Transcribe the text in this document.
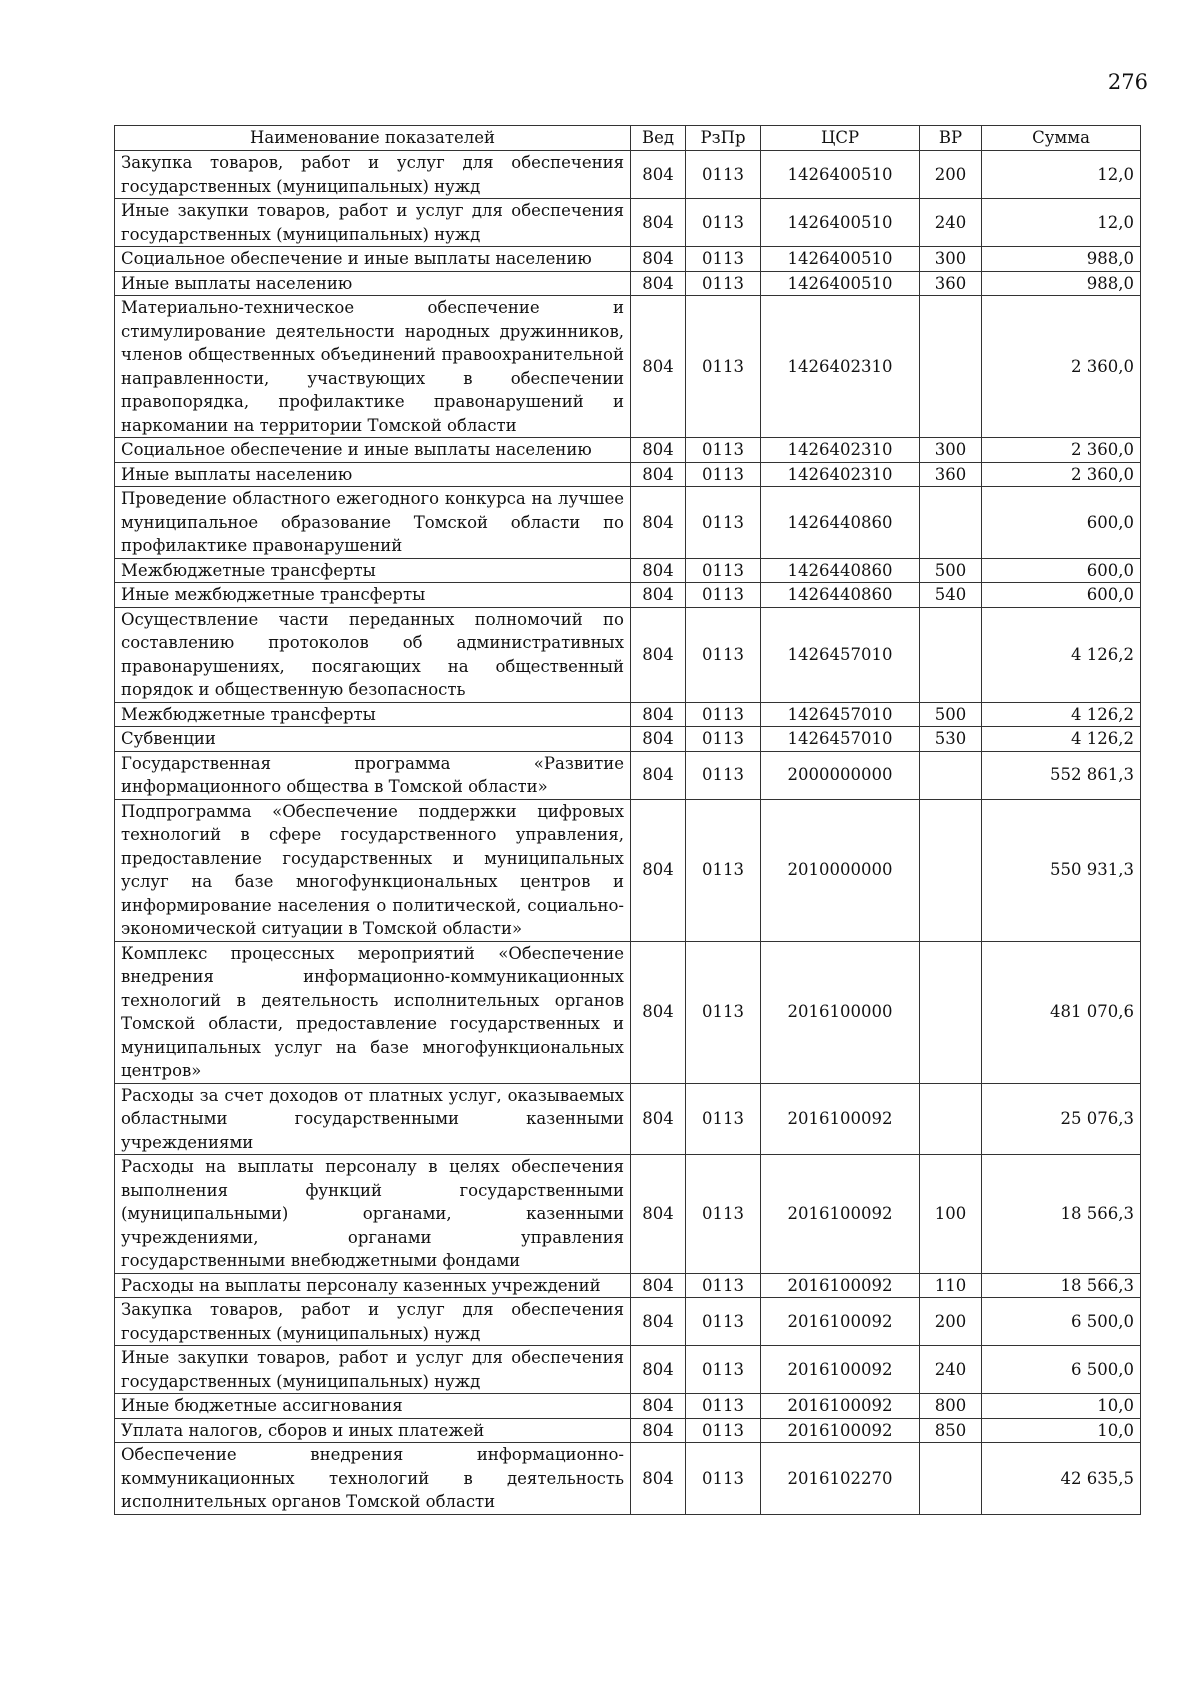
276
Наименование показателей	Вед	РзПр	ЦСР	ВР	Сумма
Закупка товаров, работ и услуг для обеспечения государственных (муниципальных) нужд	804	0113	1426400510	200	12,0
Иные закупки товаров, работ и услуг для обеспечения государственных (муниципальных) нужд	804	0113	1426400510	240	12,0
Социальное обеспечение и иные выплаты населению	804	0113	1426400510	300	988,0
Иные выплаты населению	804	0113	1426400510	360	988,0
Материально-техническое обеспечение и стимулирование деятельности народных дружинников, членов общественных объединений правоохранительной направленности, участвующих в обеспечении правопорядка, профилактике правонарушений и наркомании на территории Томской области	804	0113	1426402310		2 360,0
Социальное обеспечение и иные выплаты населению	804	0113	1426402310	300	2 360,0
Иные выплаты населению	804	0113	1426402310	360	2 360,0
Проведение областного ежегодного конкурса на лучшее муниципальное образование Томской области по профилактике правонарушений	804	0113	1426440860		600,0
Межбюджетные трансферты	804	0113	1426440860	500	600,0
Иные межбюджетные трансферты	804	0113	1426440860	540	600,0
Осуществление части переданных полномочий по составлению протоколов об административных правонарушениях, посягающих на общественный порядок и общественную безопасность	804	0113	1426457010		4 126,2
Межбюджетные трансферты	804	0113	1426457010	500	4 126,2
Субвенции	804	0113	1426457010	530	4 126,2
Государственная программа «Развитие информационного общества в Томской области»	804	0113	2000000000		552 861,3
Подпрограмма «Обеспечение поддержки цифровых технологий в сфере государственного управления, предоставление государственных и муниципальных услуг на базе многофункциональных центров и информирование населения о политической, социально-экономической ситуации в Томской области»	804	0113	2010000000		550 931,3
Комплекс процессных мероприятий «Обеспечение внедрения информационно-коммуникационных технологий в деятельность исполнительных органов Томской области, предоставление государственных и муниципальных услуг на базе многофункциональных центров»	804	0113	2016100000		481 070,6
Расходы за счет доходов от платных услуг, оказываемых областными государственными казенными учреждениями	804	0113	2016100092		25 076,3
Расходы на выплаты персоналу в целях обеспечения выполнения функций государственными (муниципальными) органами, казенными учреждениями, органами управления государственными внебюджетными фондами	804	0113	2016100092	100	18 566,3
Расходы на выплаты персоналу казенных учреждений	804	0113	2016100092	110	18 566,3
Закупка товаров, работ и услуг для обеспечения государственных (муниципальных) нужд	804	0113	2016100092	200	6 500,0
Иные закупки товаров, работ и услуг для обеспечения государственных (муниципальных) нужд	804	0113	2016100092	240	6 500,0
Иные бюджетные ассигнования	804	0113	2016100092	800	10,0
Уплата налогов, сборов и иных платежей	804	0113	2016100092	850	10,0
Обеспечение внедрения информационно-коммуникационных технологий в деятельность исполнительных органов Томской области	804	0113	2016102270		42 635,5
